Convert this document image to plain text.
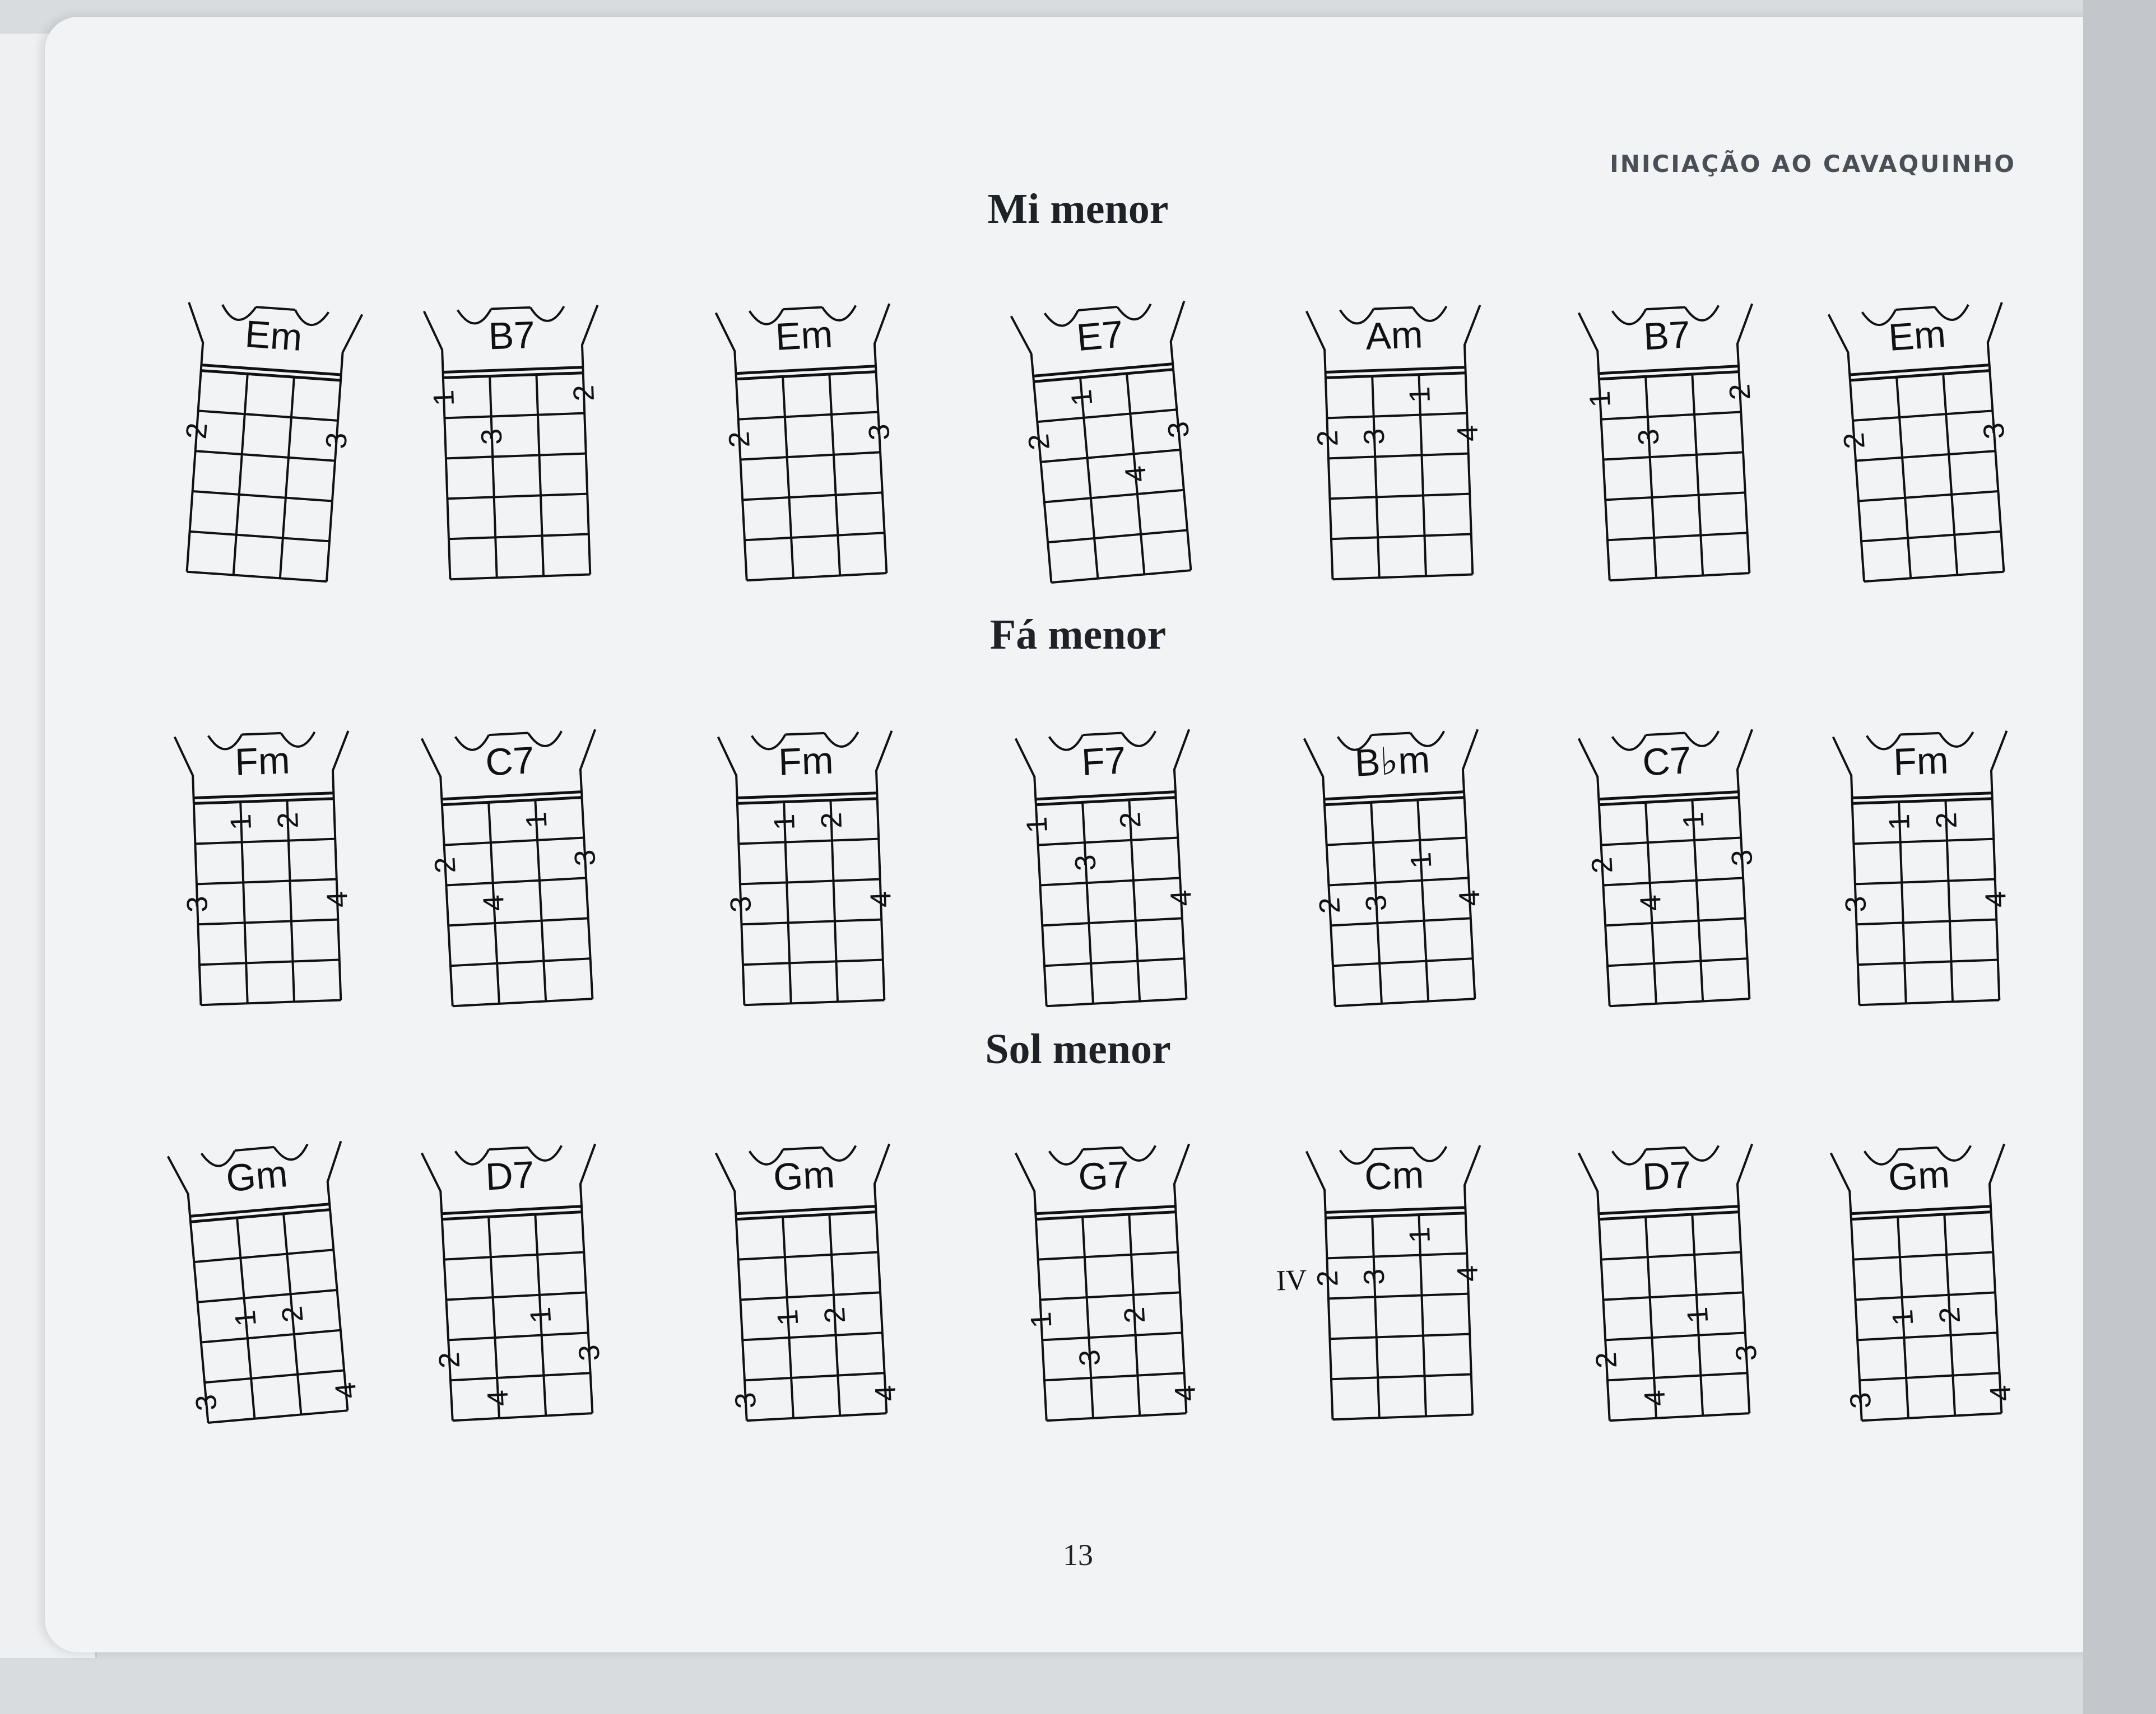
INICIAÇÃO AO CAVAQUINHO
Mi menor
Fá menor
Sol menor
Em
2
3
B7
1
3
2
Em
2	3
E7
1
2
3
4
Am
2 3
1
4
B7
1
3
2
Em
2
3
Fm
1 2
3	4
C7
1
2	3
4
Fm
1 2
3	4
F7
1 2
3
4
B♭m
1
2 3 4
C7
1
2	3
4
Fm
1 2
3	4
Gm
1 2
3
4
D7
1
2	3
4
Gm
1 2
3	4
G7
1 2
3
4
Cm
IV
1
2 3 4
D7
1
2	3
4
Gm
1 2
3	4
13
